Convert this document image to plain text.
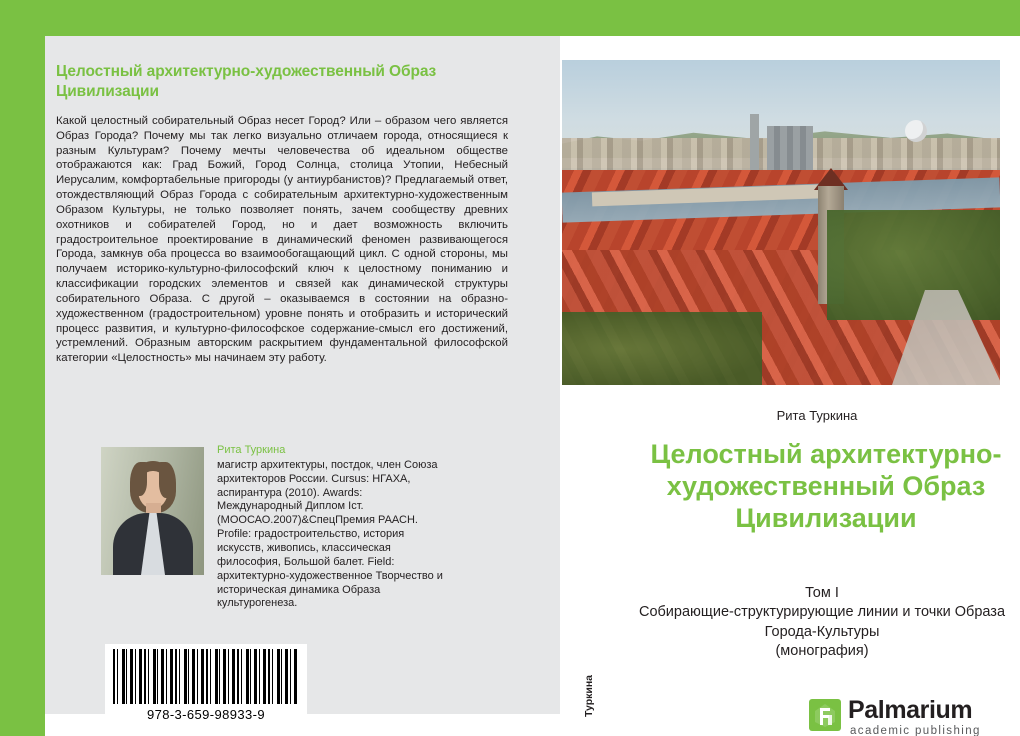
Целостный архитектурно-художественный Образ Цивилизации
Какой целостный собирательный Образ несет Город? Или – образом чего является Образ Города? Почему мы так легко визуально отличаем города, относящиеся к разным Культурам? Почему мечты человечества об идеальном обществе отображаются как: Град Божий, Город Солнца, столица Утопии, Небесный Иерусалим, комфортабельные пригороды (у антиурбанистов)? Предлагаемый ответ, отождествляющий Образ Города с собирательным архитектурно-художественным Образом Культуры, не только позволяет понять, зачем сообществу древних охотников и собирателей Город, но и дает возможность включить градостроительное проектирование в динамический феномен развивающегося Города, замкнув оба процесса во взаимообогащающий цикл. С одной стороны, мы получаем историко-культурно-философский ключ к целостному пониманию и классификации городских элементов и связей как динамической структуры собирательного Образа. С другой – оказываемся в состоянии на образно-художественном (градостроительном) уровне понять и отобразить и исторический процесс развития, и культурно-философское содержание-смысл его достижений, устремлений. Образным авторским раскрытием фундаментальной философской категории «Целостность» мы начинаем эту работу.
Рита Туркина
магистр архитектуры, постдок, член Союза архитекторов России. Cursus: НГАХА, аспирантура (2010). Awards: Международный Диплом Iст.(МООСАО.2007)&СпецПремия РААСН. Profile: градостроительство, история искусств, живопись, классическая философия, Большой балет. Field: архитектурно-художественное Творчество и историческая динамика Образа культурогенеза.
978-3-659-98933-9	Туркина
Рита Туркина
Целостный архитектурно-художественный Образ Цивилизации
Том I
Собирающие-структурирующие линии и точки Образа Города-Культуры
(монография)
Palmarium
academic publishing
